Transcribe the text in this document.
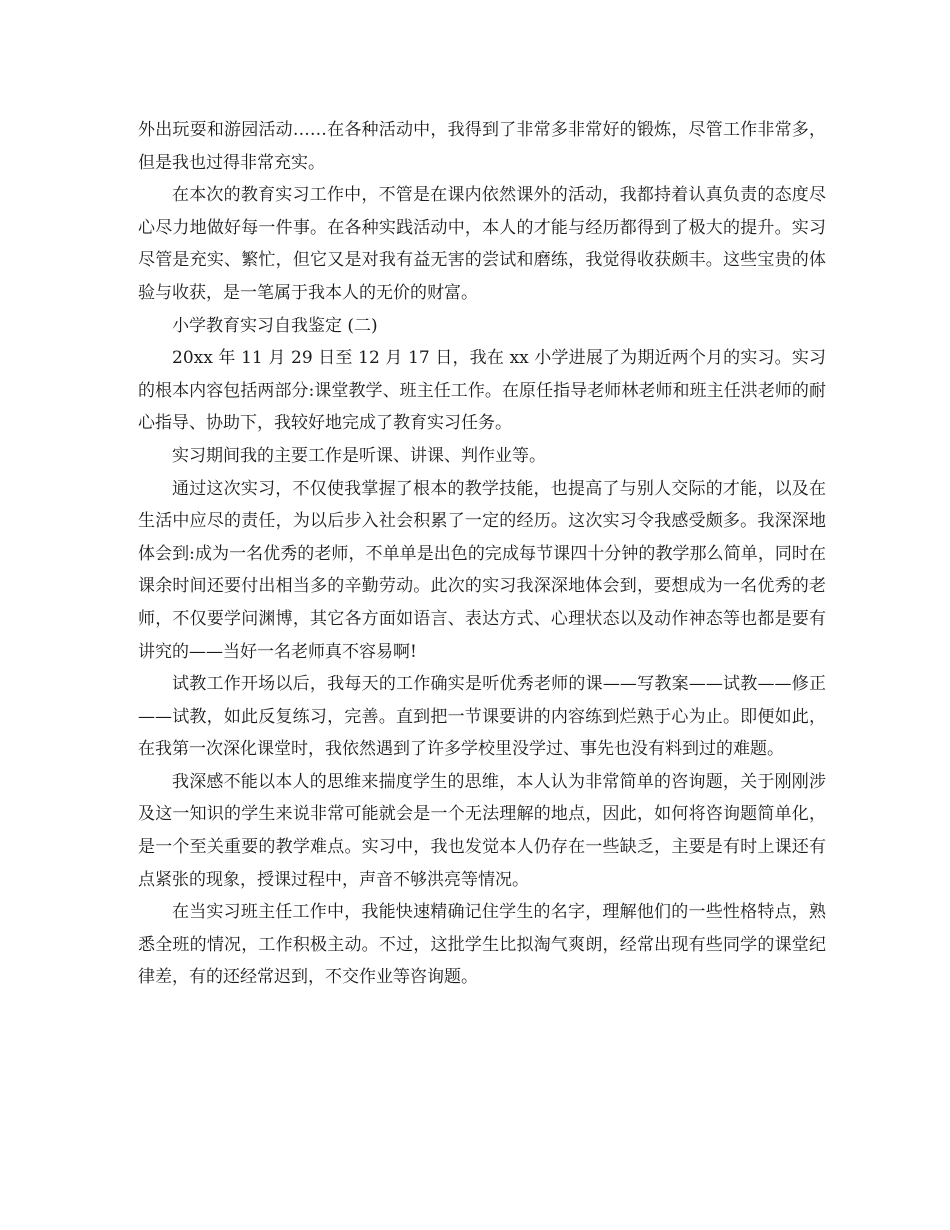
外出玩耍和游园活动……在各种活动中，我得到了非常多非常好的锻炼，尽管工作非常多，但是我也过得非常充实。

在本次的教育实习工作中，不管是在课内依然课外的活动，我都持着认真负责的态度尽心尽力地做好每一件事。在各种实践活动中，本人的才能与经历都得到了极大的提升。实习尽管是充实、繁忙，但它又是对我有益无害的尝试和磨练，我觉得收获颇丰。这些宝贵的体验与收获，是一笔属于我本人的无价的财富。

小学教育实习自我鉴定 (二)

20xx 年 11 月 29 日至 12 月 17 日，我在 xx 小学进展了为期近两个月的实习。实习的根本内容包括两部分:课堂教学、班主任工作。在原任指导老师林老师和班主任洪老师的耐心指导、协助下，我较好地完成了教育实习任务。

实习期间我的主要工作是听课、讲课、判作业等。

通过这次实习，不仅使我掌握了根本的教学技能，也提高了与别人交际的才能，以及在生活中应尽的责任，为以后步入社会积累了一定的经历。这次实习令我感受颇多。我深深地体会到:成为一名优秀的老师，不单单是出色的完成每节课四十分钟的教学那么简单，同时在课余时间还要付出相当多的辛勤劳动。此次的实习我深深地体会到，要想成为一名优秀的老师，不仅要学问渊博，其它各方面如语言、表达方式、心理状态以及动作神态等也都是要有讲究的——当好一名老师真不容易啊!

试教工作开场以后，我每天的工作确实是听优秀老师的课——写教案——试教——修正——试教，如此反复练习，完善。直到把一节课要讲的内容练到烂熟于心为止。即便如此，在我第一次深化课堂时，我依然遇到了许多学校里没学过、事先也没有料到过的难题。

我深感不能以本人的思维来揣度学生的思维，本人认为非常简单的咨询题，关于刚刚涉及这一知识的学生来说非常可能就会是一个无法理解的地点，因此，如何将咨询题简单化，是一个至关重要的教学难点。实习中，我也发觉本人仍存在一些缺乏，主要是有时上课还有点紧张的现象，授课过程中，声音不够洪亮等情况。

在当实习班主任工作中，我能快速精确记住学生的名字，理解他们的一些性格特点，熟悉全班的情况，工作积极主动。不过，这批学生比拟淘气爽朗，经常出现有些同学的课堂纪律差，有的还经常迟到，不交作业等咨询题。
